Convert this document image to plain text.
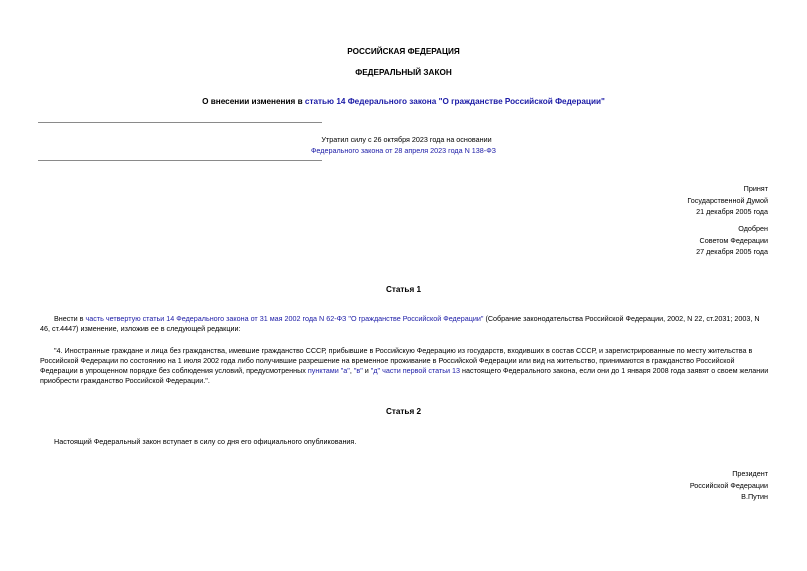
РОССИЙСКАЯ ФЕДЕРАЦИЯ
ФЕДЕРАЛЬНЫЙ ЗАКОН
О внесении изменения в статью 14 Федерального закона "О гражданстве Российской Федерации"
Утратил силу с 26 октября 2023 года на основании
Федерального закона от 28 апреля 2023 года N 138-ФЗ
Принят
Государственной Думой
21 декабря 2005 года
Одобрен
Советом Федерации
27 декабря 2005 года
Статья 1
Внести в часть четвертую статьи 14 Федерального закона от 31 мая 2002 года N 62-ФЗ "О гражданстве Российской Федерации" (Собрание законодательства Российской Федерации, 2002, N 22, ст.2031; 2003, N 46, ст.4447) изменение, изложив ее в следующей редакции:
"4. Иностранные граждане и лица без гражданства, имевшие гражданство СССР, прибывшие в Российскую Федерацию из государств, входивших в состав СССР, и зарегистрированные по месту жительства в Российской Федерации по состоянию на 1 июля 2002 года либо получившие разрешение на временное проживание в Российской Федерации или вид на жительство, принимаются в гражданство Российской Федерации в упрощенном порядке без соблюдения условий, предусмотренных пунктами "а", "в" и "д" части первой статьи 13 настоящего Федерального закона, если они до 1 января 2008 года заявят о своем желании приобрести гражданство Российской Федерации.".
Статья 2
Настоящий Федеральный закон вступает в силу со дня его официального опубликования.
Президент
Российской Федерации
В.Путин
